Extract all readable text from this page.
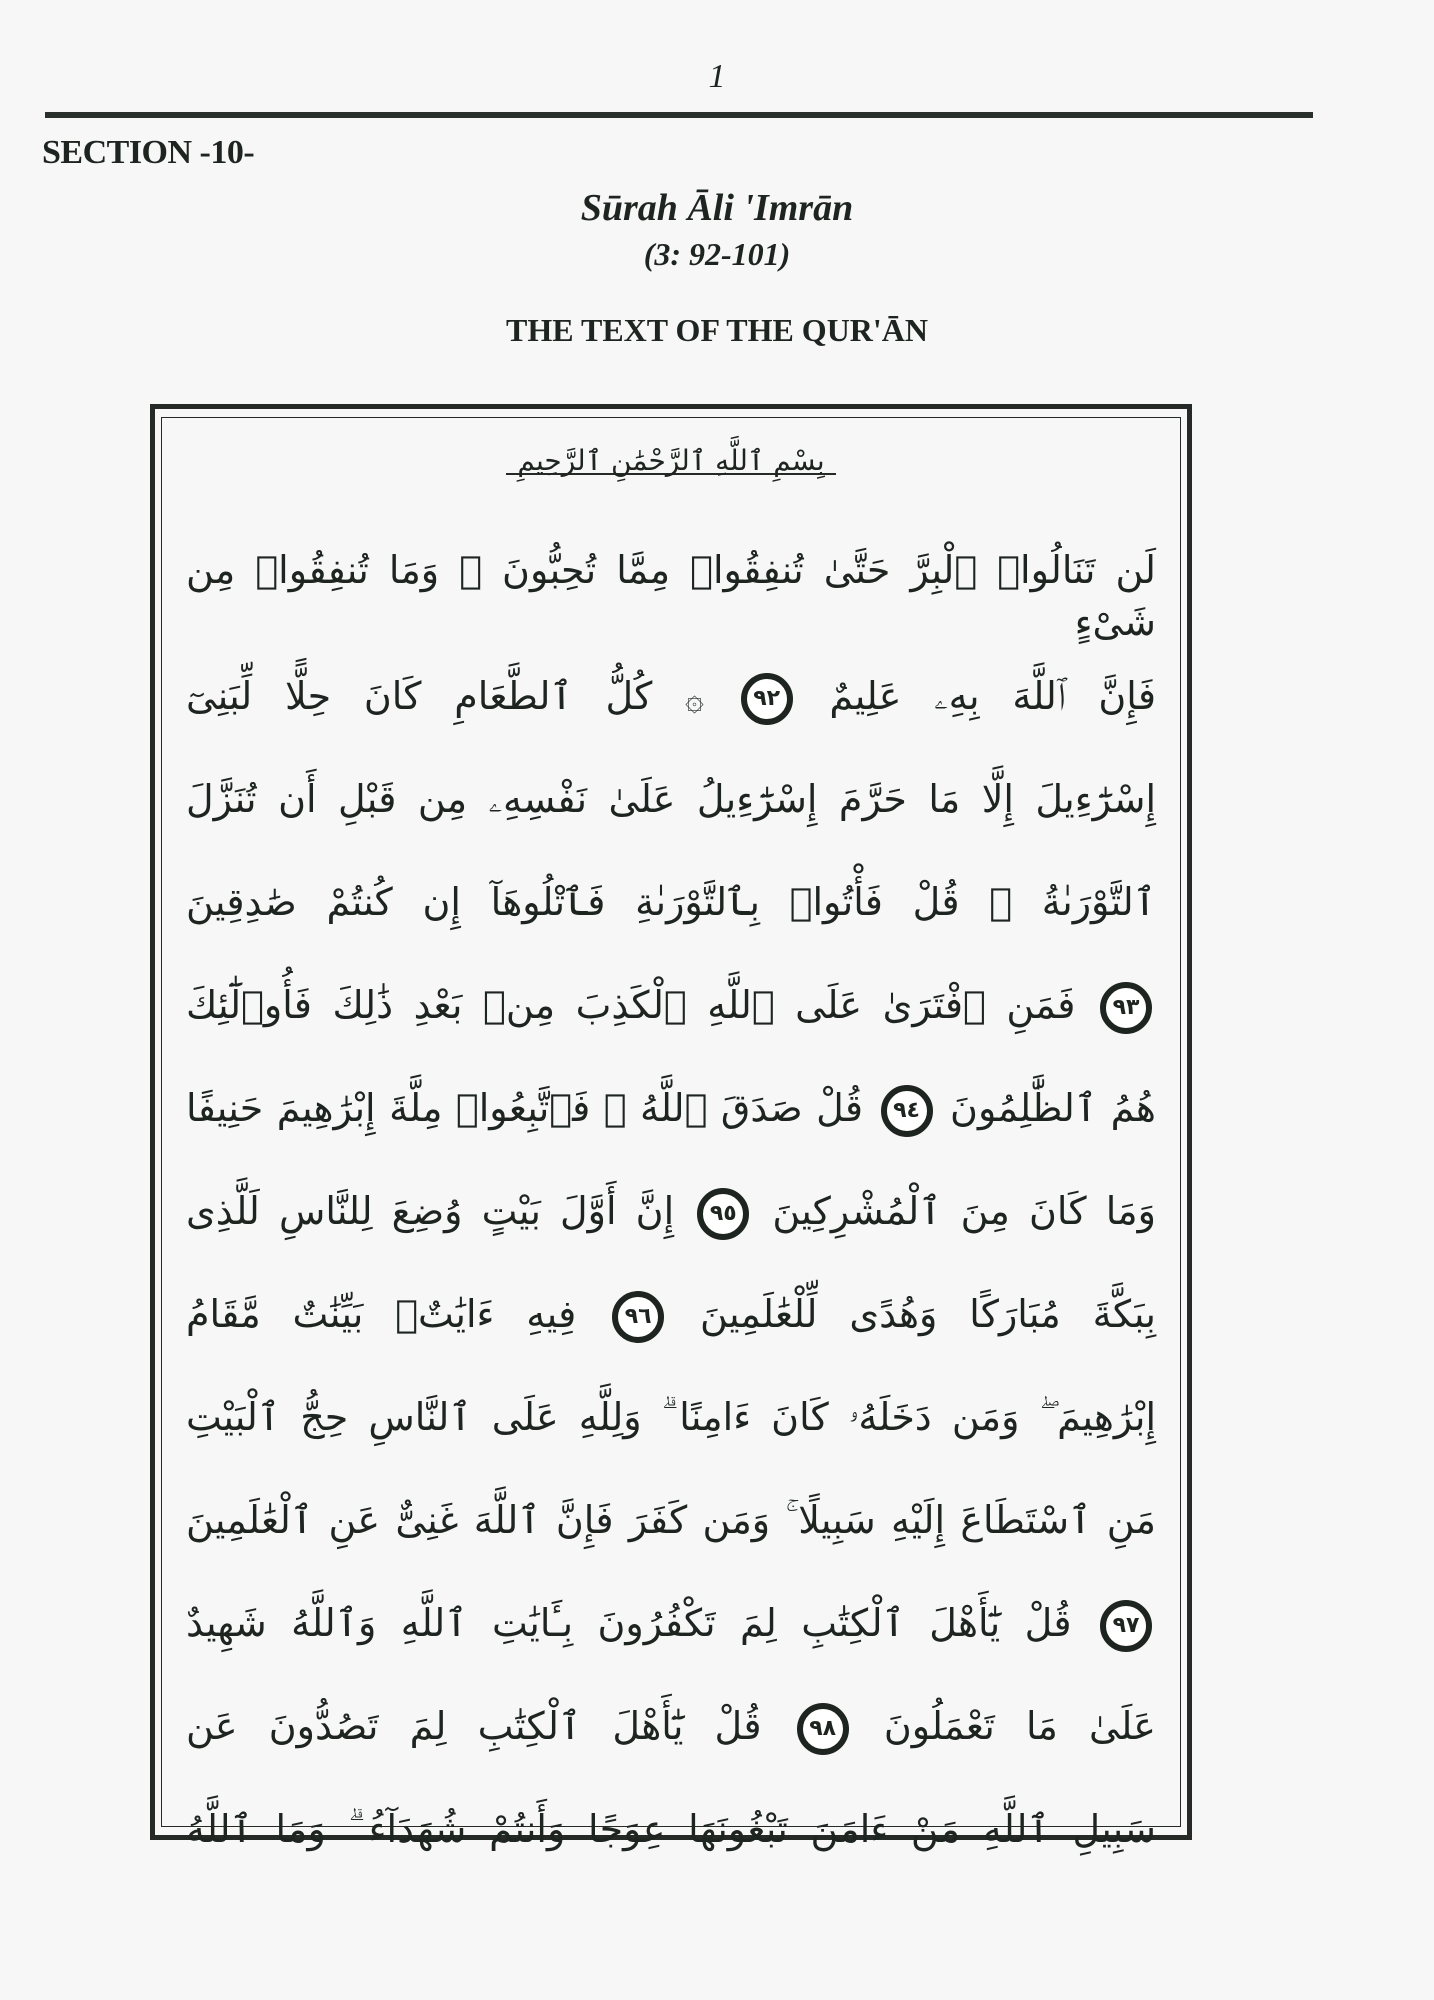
1
SECTION -10-
Sūrah Āli 'Imrān
(3: 92-101)
THE TEXT OF THE QUR'ĀN
بِسْمِ ٱللَّهِ ٱلرَّحْمَٰنِ ٱلرَّحِيمِ
لَن تَنَالُوا۟ ٱلْبِرَّ حَتَّىٰ تُنفِقُوا۟ مِمَّا تُحِبُّونَ ۚ وَمَا تُنفِقُوا۟ مِن شَىْءٍ
فَإِنَّ ٱللَّهَ بِهِۦ عَلِيمٌ ٩٢ ۞ كُلُّ ٱلطَّعَامِ كَانَ حِلًّا لِّبَنِىٓ
إِسْرَٰٓءِيلَ إِلَّا مَا حَرَّمَ إِسْرَٰٓءِيلُ عَلَىٰ نَفْسِهِۦ مِن قَبْلِ أَن تُنَزَّلَ
ٱلتَّوْرَىٰةُ ۗ قُلْ فَأْتُوا۟ بِٱلتَّوْرَىٰةِ فَٱتْلُوهَآ إِن كُنتُمْ صَٰدِقِينَ
٩٣ فَمَنِ ٱفْتَرَىٰ عَلَى ٱللَّهِ ٱلْكَذِبَ مِنۢ بَعْدِ ذَٰلِكَ فَأُو۟لَٰٓئِكَ
هُمُ ٱلظَّٰلِمُونَ ٩٤ قُلْ صَدَقَ ٱللَّهُ ۗ فَٱتَّبِعُوا۟ مِلَّةَ إِبْرَٰهِيمَ حَنِيفًا
وَمَا كَانَ مِنَ ٱلْمُشْرِكِينَ ٩٥ إِنَّ أَوَّلَ بَيْتٍ وُضِعَ لِلنَّاسِ لَلَّذِى
بِبَكَّةَ مُبَارَكًا وَهُدًى لِّلْعَٰلَمِينَ ٩٦ فِيهِ ءَايَٰتٌۢ بَيِّنَٰتٌ مَّقَامُ
إِبْرَٰهِيمَ ۖ وَمَن دَخَلَهُۥ كَانَ ءَامِنًا ۗ وَلِلَّهِ عَلَى ٱلنَّاسِ حِجُّ ٱلْبَيْتِ
مَنِ ٱسْتَطَاعَ إِلَيْهِ سَبِيلًا ۚ وَمَن كَفَرَ فَإِنَّ ٱللَّهَ غَنِىٌّ عَنِ ٱلْعَٰلَمِينَ
٩٧ قُلْ يَٰٓأَهْلَ ٱلْكِتَٰبِ لِمَ تَكْفُرُونَ بِـَٔايَٰتِ ٱللَّهِ وَٱللَّهُ شَهِيدٌ
عَلَىٰ مَا تَعْمَلُونَ ٩٨ قُلْ يَٰٓأَهْلَ ٱلْكِتَٰبِ لِمَ تَصُدُّونَ عَن
سَبِيلِ ٱللَّهِ مَنْ ءَامَنَ تَبْغُونَهَا عِوَجًا وَأَنتُمْ شُهَدَآءُ ۗ وَمَا ٱللَّهُ
